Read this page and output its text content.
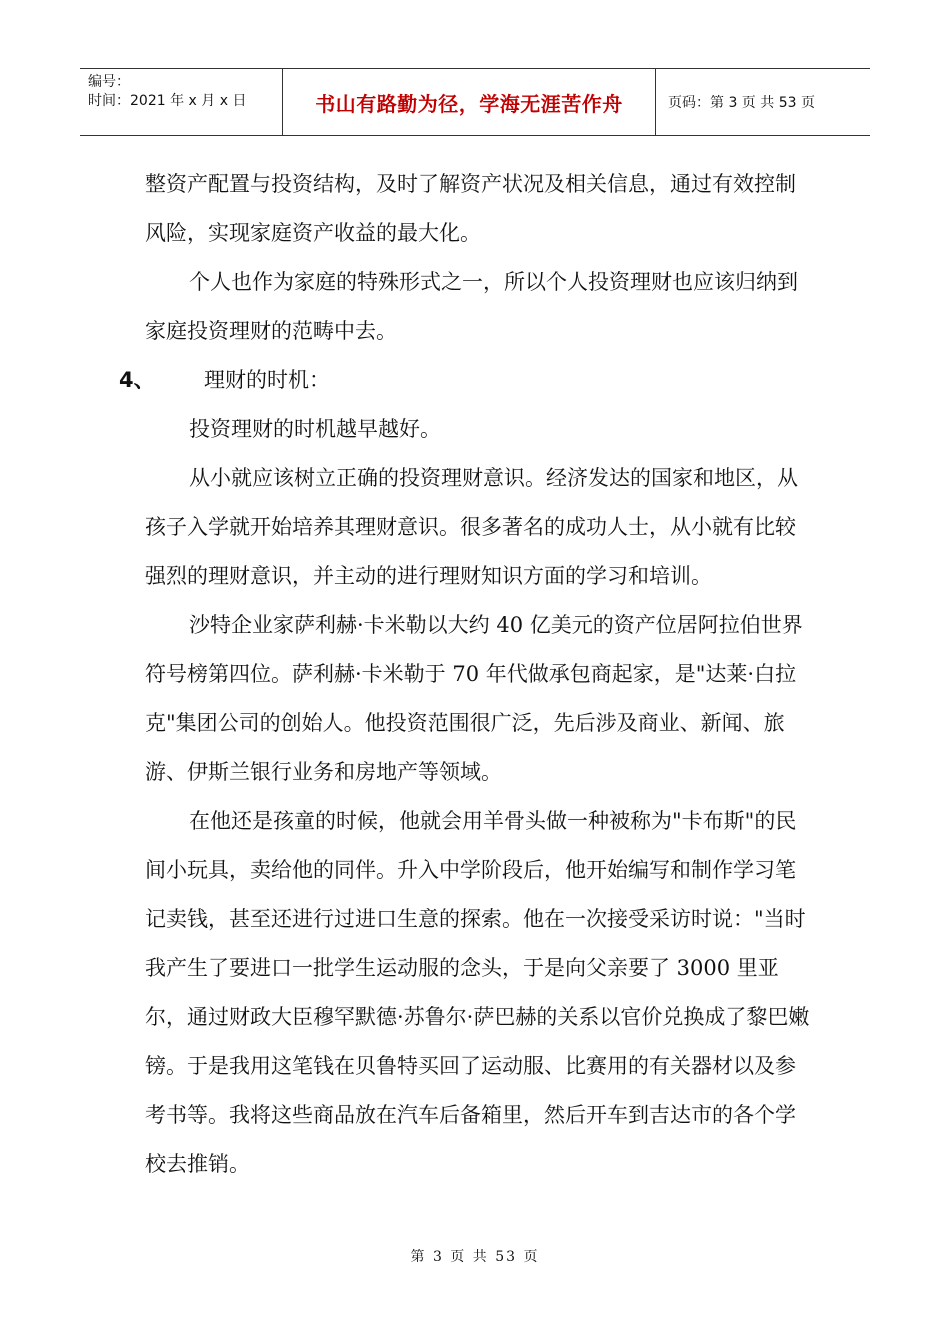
编号：
时间：2021 年 x 月 x 日	书山有路勤为径，学海无涯苦作舟	页码：第 3 页 共 53 页

整资产配置与投资结构，及时了解资产状况及相关信息，通过有效控制风险，实现家庭资产收益的最大化。

个人也作为家庭的特殊形式之一，所以个人投资理财也应该归纳到家庭投资理财的范畴中去。

4、 理财的时机：

投资理财的时机越早越好。

从小就应该树立正确的投资理财意识。经济发达的国家和地区，从孩子入学就开始培养其理财意识。很多著名的成功人士，从小就有比较强烈的理财意识，并主动的进行理财知识方面的学习和培训。

沙特企业家萨利赫·卡米勒以大约 40 亿美元的资产位居阿拉伯世界符号榜第四位。萨利赫·卡米勒于 70 年代做承包商起家，是"达莱·白拉克"集团公司的创始人。他投资范围很广泛，先后涉及商业、新闻、旅游、伊斯兰银行业务和房地产等领域。

在他还是孩童的时候，他就会用羊骨头做一种被称为"卡布斯"的民间小玩具，卖给他的同伴。升入中学阶段后，他开始编写和制作学习笔记卖钱，甚至还进行过进口生意的探索。他在一次接受采访时说："当时我产生了要进口一批学生运动服的念头，于是向父亲要了 3000 里亚尔，通过财政大臣穆罕默德·苏鲁尔·萨巴赫的关系以官价兑换成了黎巴嫩镑。于是我用这笔钱在贝鲁特买回了运动服、比赛用的有关器材以及参考书等。我将这些商品放在汽车后备箱里，然后开车到吉达市的各个学校去推销。

第 3 页 共 53 页
